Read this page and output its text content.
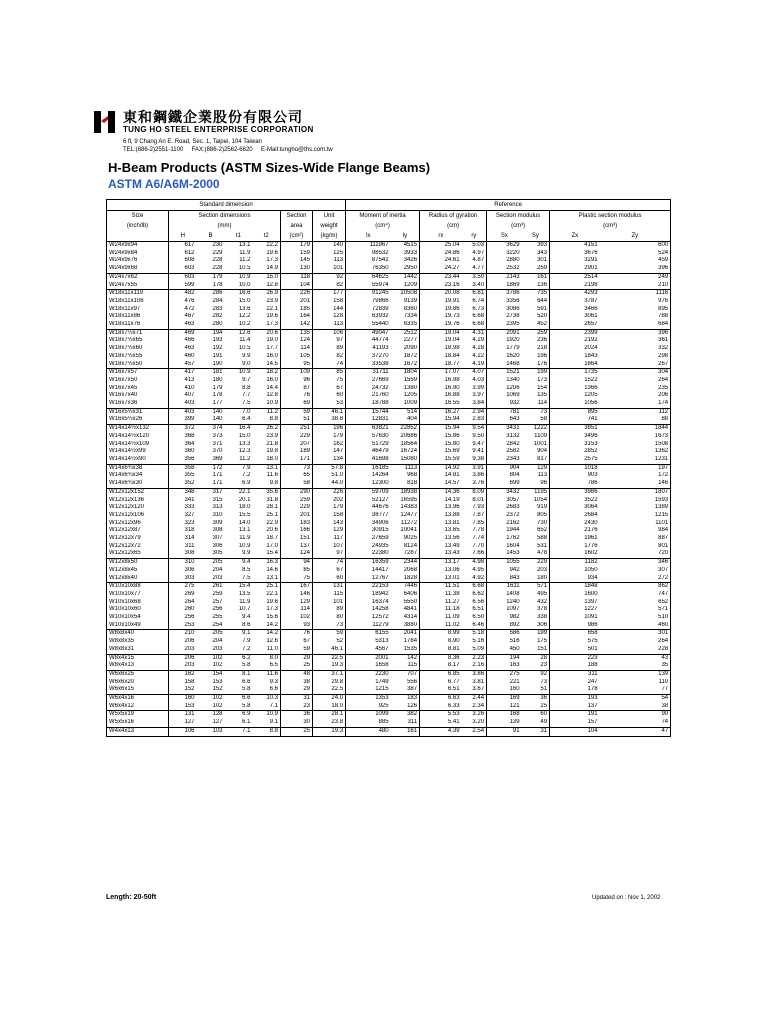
東和鋼鐵企業股份有限公司
TUNG HO STEEL ENTERPRISE CORPORATION
6 fl, 9 Chang An E. Road, Sec. 1, Taipei, 104 Taiwan
TEL:(886-2)2551-1100     FAX:(886-2)2562-6620     E-Mail:tungho@ths.com.tw
H-Beam Products (ASTM Sizes-Wide Flange Beams)
ASTM A6/A6M-2000
Standard dimension							Reference							
Size	Section dimensions				Section	Unit	Moment of inertia		Radius of gyration		Section modulus		Plastic section modulus	
(inch/lb)	(mm)				area	weight	(cm⁴)		(cm)		(cm³)		(cm³)	
	H	B	t1	t2	(cm²)	(kg/m)	Ix	Iy	rx	ry	Sx	Sy	Zx	Zy
W24x9x94	617	230	13.1	22.2	179	140	111967	4515	25.04	5.03	3629	393	4151	600
W24x9x84	612	229	11.9	19.6	159	125	98532	3933	24.86	4.97	3220	343	3676	524
W24x9x76	608	228	11.2	17.3	145	113	87542	3426	24.61	4.87	2880	301	3291	459
W24x9x68	603	228	10.5	14.9	130	101	76350	2950	24.27	4.77	2532	259	2901	396
W24x7x62	603	179	10.9	15.0	118	92	64625	1442	23.44	3.50	2143	161	2514	249
W24x7x55	599	178	10.0	12.8	104	82	55974	1209	23.16	3.40	1869	136	2198	210
W18x11x119	482	286	16.6	26.9	226	177	91245	10508	20.08	6.81	3786	735	4293	1116
W18x11x106	476	284	15.0	23.9	201	158	79866	9139	19.91	6.74	3356	644	3787	976
W18x11x97	472	283	13.6	22.1	185	144	72839	8360	19.86	6.73	3086	591	3466	895
W18x11x86	467	282	12.2	19.6	164	128	63932	7334	19.73	6.68	2738	520	3061	788
W18x11x76	463	280	10.2	17.3	142	113	55440	6335	19.76	6.68	2395	452	2657	684
W18x7½x71	469	194	12.6	20.6	135	106	49047	2512	19.04	4.31	2091	259	2399	396
W18x7½x65	466	193	11.4	19.0	124	97	44774	2277	19.04	4.29	1920	236	2192	361
W18x7½x60	463	192	10.5	17.7	114	89	41193	2090	18.98	4.28	1779	218	2024	332
W18x7½x55	460	191	9.9	16.0	105	82	37270	1872	18.84	4.22	1620	196	1843	298
W18x7½x50	457	190	9.0	14.5	95	74	33538	1672	18.77	4.19	1468	176	1664	267
W16x7x57	417	181	10.9	18.2	109	85	31711	1804	17.07	4.07	1521	199	1735	304
W16x7x50	413	180	9.7	16.0	96	75	27669	1559	16.98	4.03	1340	173	1522	264
W16x7x45	410	179	8.8	14.4	87	67	24732	1380	16.90	3.99	1206	154	1366	235
W16x7x40	407	178	7.7	12.8	76	60	21760	1205	16.88	3.97	1069	135	1205	206
W16x7x36	403	177	7.5	10.9	69	53	18788	1009	16.55	3.84	932	114	1056	174
W16x5½x31	403	140	7.0	11.2	59	46.1	15744	514	16.27	2.94	781	73	895	112
W16x5½x26	399	140	6.4	8.8	51	38.8	12831	404	15.94	2.83	643	58	741	88
W14x14½x132	372	374	16.4	26.2	251	196	63821	22852	15.94	9.54	3431	1222	3851	1844
W14x14½x120	368	373	15.0	23.9	229	179	57630	20686	15.86	9.50	3132	1109	3496	1673
W14x14½x109	364	371	13.3	21.8	207	162	51729	18564	15.80	9.47	2842	1001	3153	1508
W14x14½x99	360	370	12.3	19.8	189	147	46479	16724	15.69	9.41	2582	904	2852	1362
W14x14½x90	356	369	11.2	18.0	171	134	41698	15080	15.59	9.38	2343	817	2575	1231
W14x6¾x38	358	172	7.9	13.1	73	57.8	16185	1113	14.92	3.91	904	129	1018	197
W14x6¾x34	355	171	7.2	11.6	65	51.0	14264	968	14.81	3.86	804	113	903	172
W14x6¾x30	352	171	6.9	9.8	58	44.0	12300	818	14.57	3.76	699	96	786	146
W12x12x152	348	317	22.1	35.6	290	226	59709	18938	14.36	8.09	3432	1195	3986	1807
W12x12x136	341	315	20.1	31.8	259	202	52127	16595	14.19	8.01	3057	1054	3522	1593
W12x12x120	333	313	18.0	28.1	229	179	44676	14383	13.96	7.93	2683	919	3064	1389
W12x12x106	327	310	15.5	25.1	201	158	38777	12477	13.88	7.87	2372	805	2684	1215
W12x12x96	323	309	14.0	22.9	183	143	34906	11272	13.81	7.85	2162	730	2430	1101
W12x12x87	318	308	13.1	20.6	166	129	30915	10041	13.65	7.78	1944	652	2176	984
W12x12x79	314	307	11.9	18.7	151	117	27659	9025	13.56	7.74	1762	588	1961	887
W12x12x72	311	306	10.9	17.0	137	107	24935	8124	13.49	7.70	1604	531	1776	801
W12x12x65	308	305	9.9	15.4	124	97	22380	7287	13.43	7.66	1453	478	1602	720
W12x8x50	310	205	9.4	16.3	94	74	16359	2344	13.17	4.98	1055	229	1182	346
W12x8x45	306	204	8.5	14.6	85	67	14417	2068	13.06	4.95	942	203	1050	307
W12x8x40	303	203	7.5	13.1	75	60	12767	1828	13.01	4.92	843	180	934	272
W10x10x88	275	261	15.4	25.1	167	131	22153	7446	11.51	6.68	1611	571	1848	862
W10x10x77	269	259	13.5	22.1	146	115	18942	6406	11.38	6.62	1408	495	1600	747
W10x10x68	264	257	11.9	19.6	129	101	16374	5550	11.27	6.56	1240	432	1397	652
W10x10x60	260	256	10.7	17.3	114	89	14258	4841	11.18	6.51	1097	378	1227	571
W10x10x54	256	255	9.4	15.6	102	80	12572	4314	11.09	6.50	982	338	1091	510
W10x10x49	253	254	8.6	14.2	93	73	11279	3880	11.02	6.46	892	306	986	460
W8x8x40	210	205	9.1	14.2	76	59	6155	2041	8.99	5.18	586	199	658	301
W8x8x35	206	204	7.9	12.6	67	52	5313	1784	8.90	5.16	516	175	575	264
W8x8x31	203	203	7.2	11.0	59	46.1	4567	1535	8.81	5.09	450	151	501	228
W8x4x15	206	102	6.2	8.0	29	22.5	2001	142	8.36	2.23	194	28	223	43
W8x4x13	203	102	5.8	6.5	25	19.3	1658	115	8.17	2.16	163	23	188	35
W6x6x25	162	154	8.1	11.6	48	37.1	2230	707	6.85	3.86	275	92	311	139
W6x6x20	158	153	6.6	9.3	38	29.8	1749	556	6.77	3.81	221	73	247	110
W6x6x15	152	152	5.8	6.6	29	22.5	1215	387	6.51	3.67	160	51	178	77
W6x4x16	160	102	6.6	10.3	31	24.0	1353	183	6.63	2.44	169	36	193	54
W6x4x12	153	102	5.8	7.1	23	18.0	925	126	6.33	2.34	121	25	137	38
W5x5x19	131	128	6.9	10.9	36	28.1	1099	382	5.53	3.26	168	60	191	90
W5x5x16	127	127	6.1	9.1	30	23.8	885	311	5.41	3.20	139	49	157	74
W4x4x13	106	103	7.1	8.8	25	19.3	480	161	4.39	2.54	91	31	104	47
Length: 20-50ft	Updated on : Nov 1, 2002
